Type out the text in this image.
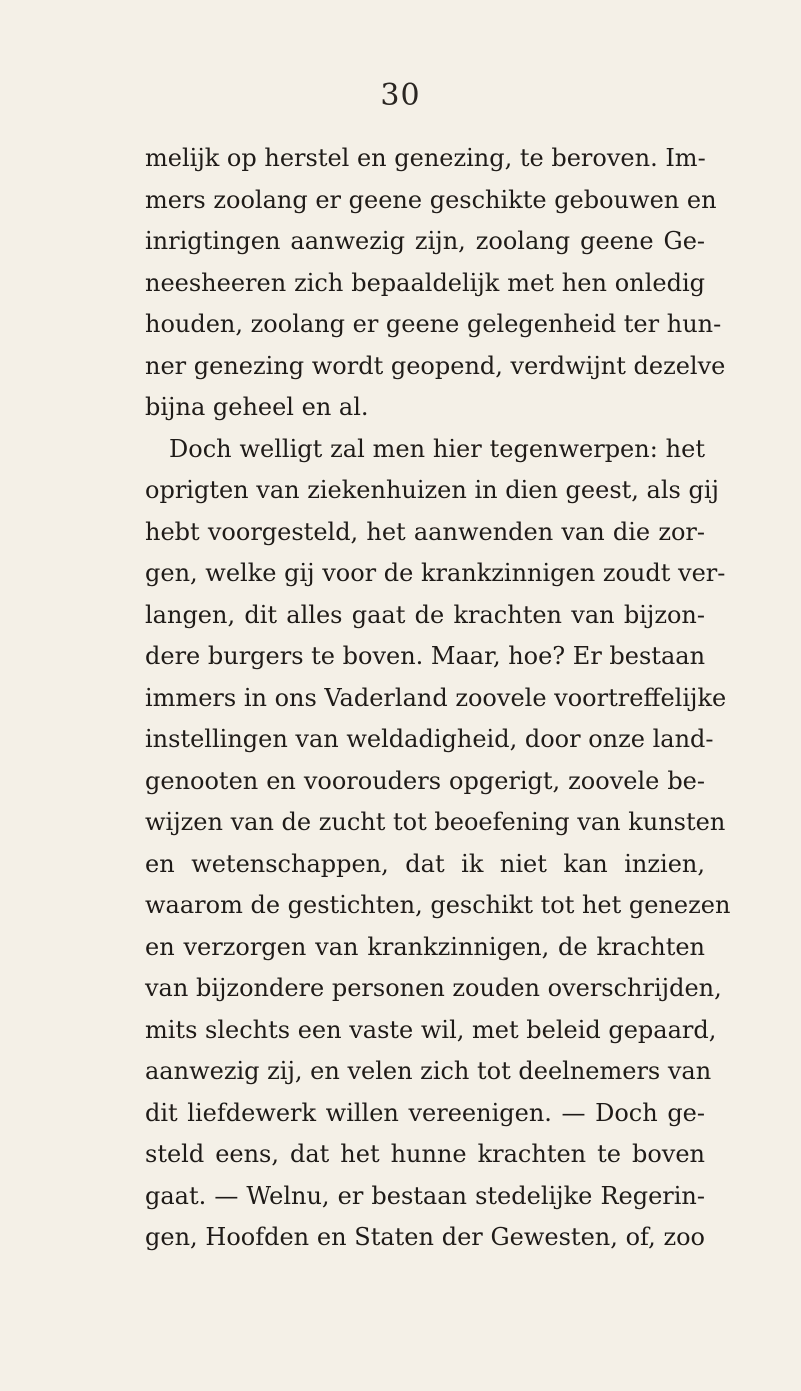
30
melijk op herstel en genezing, te beroven. Im-
mers zoolang er geene geschikte gebouwen en
inrigtingen aanwezig zijn, zoolang geene Ge-
neesheeren zich bepaaldelijk met hen onledig
houden, zoolang er geene gelegenheid ter hun-
ner genezing wordt geopend, verdwijnt dezelve
bijna geheel en al.
Doch welligt zal men hier tegenwerpen: het
oprigten van ziekenhuizen in dien geest, als gij
hebt voorgesteld, het aanwenden van die zor-
gen, welke gij voor de krankzinnigen zoudt ver-
langen, dit alles gaat de krachten van bijzon-
dere burgers te boven. Maar, hoe? Er bestaan
immers in ons Vaderland zoovele voortreffelijke
instellingen van weldadigheid, door onze land-
genooten en voorouders opgerigt, zoovele be-
wijzen van de zucht tot beoefening van kunsten
en wetenschappen, dat ik niet kan inzien,
waarom de gestichten, geschikt tot het genezen
en verzorgen van krankzinnigen, de krachten
van bijzondere personen zouden overschrijden,
mits slechts een vaste wil, met beleid gepaard,
aanwezig zij, en velen zich tot deelnemers van
dit liefdewerk willen vereenigen. — Doch ge-
steld eens, dat het hunne krachten te boven
gaat. — Welnu, er bestaan stedelijke Regerin-
gen, Hoofden en Staten der Gewesten, of, zoo
